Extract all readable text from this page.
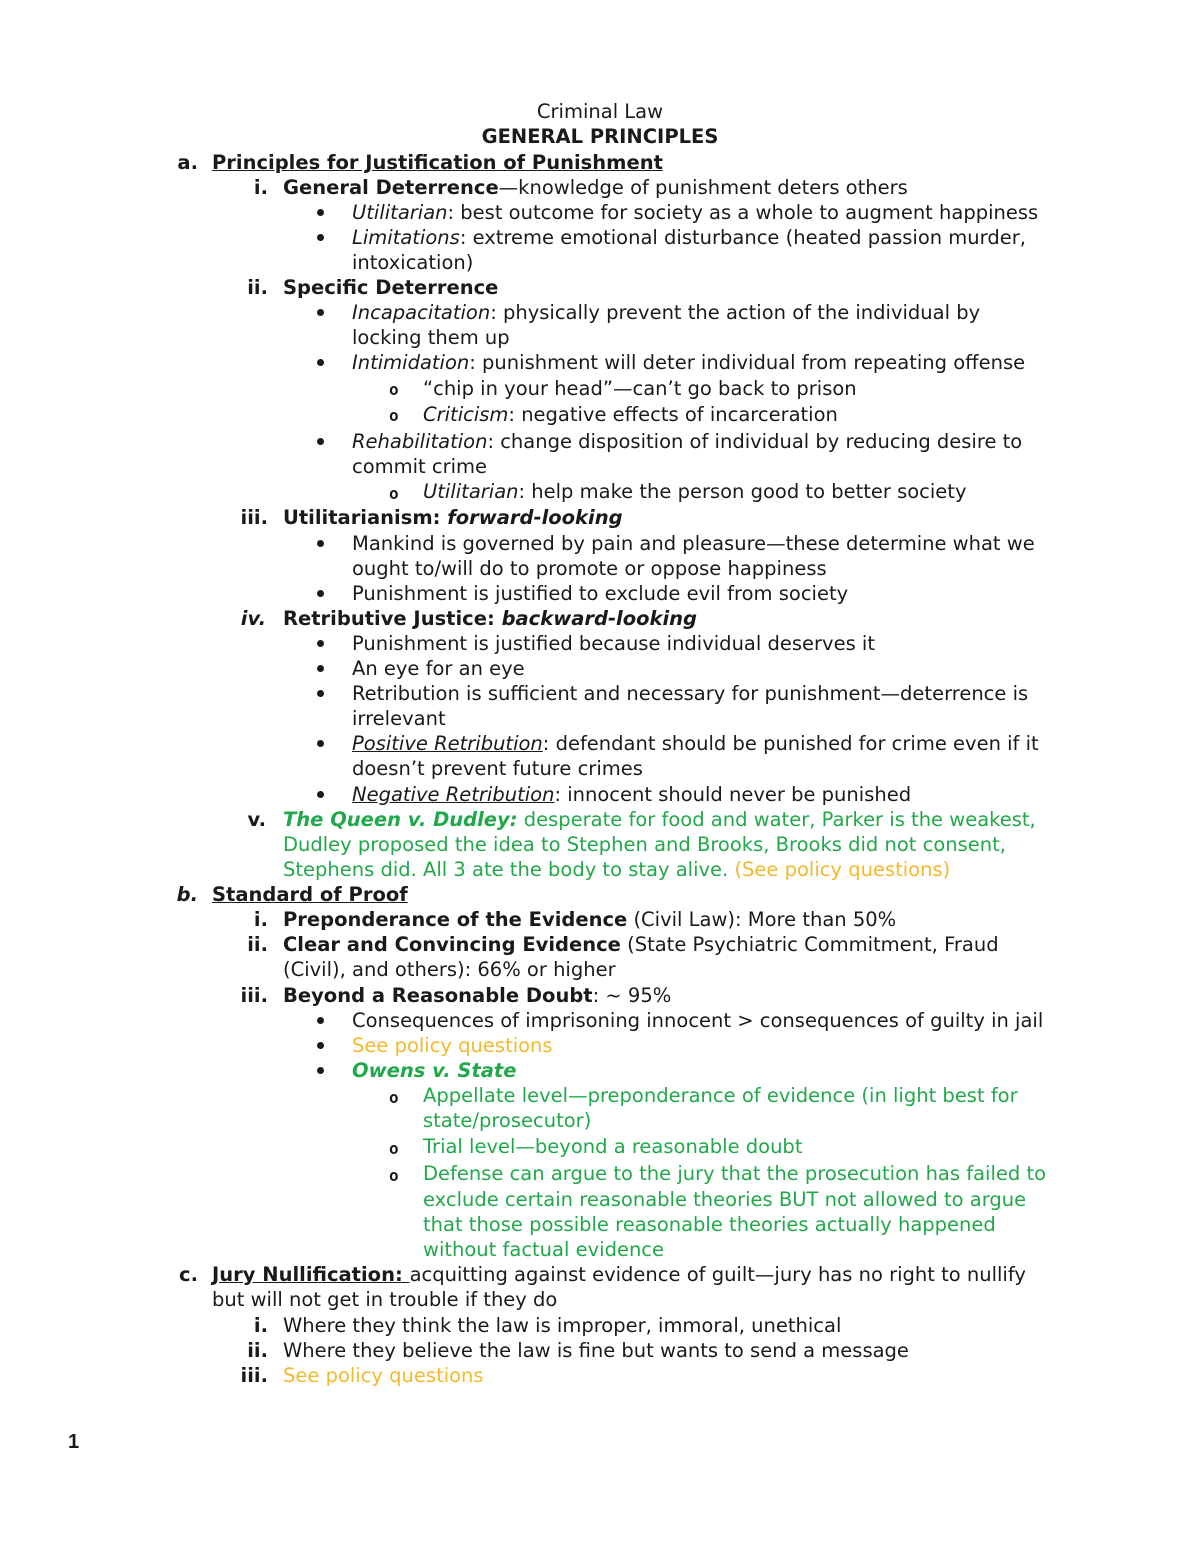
Criminal Law
GENERAL PRINCIPLES
a. Principles for Justification of Punishment
i. General Deterrence—knowledge of punishment deters others
Utilitarian: best outcome for society as a whole to augment happiness
Limitations: extreme emotional disturbance (heated passion murder,
intoxication)
ii. Specific Deterrence
Incapacitation: physically prevent the action of the individual by
locking them up
Intimidation: punishment will deter individual from repeating offense
o “chip in your head”—can’t go back to prison
o Criticism: negative effects of incarceration
Rehabilitation: change disposition of individual by reducing desire to
commit crime
o Utilitarian: help make the person good to better society
iii. Utilitarianism: forward-looking
Mankind is governed by pain and pleasure—these determine what we
ought to/will do to promote or oppose happiness
Punishment is justified to exclude evil from society
iv. Retributive Justice: backward-looking
Punishment is justified because individual deserves it
An eye for an eye
Retribution is sufficient and necessary for punishment—deterrence is
irrelevant
Positive Retribution: defendant should be punished for crime even if it
doesn’t prevent future crimes
Negative Retribution: innocent should never be punished
v. The Queen v. Dudley: desperate for food and water, Parker is the weakest,
Dudley proposed the idea to Stephen and Brooks, Brooks did not consent,
Stephens did. All 3 ate the body to stay alive. (See policy questions)
b. Standard of Proof
i. Preponderance of the Evidence (Civil Law): More than 50%
ii. Clear and Convincing Evidence (State Psychiatric Commitment, Fraud
(Civil), and others): 66% or higher
iii. Beyond a Reasonable Doubt: ~ 95%
Consequences of imprisoning innocent > consequences of guilty in jail
See policy questions
Owens v. State
o Appellate level—preponderance of evidence (in light best for
state/prosecutor)
o Trial level—beyond a reasonable doubt
o Defense can argue to the jury that the prosecution has failed to
exclude certain reasonable theories BUT not allowed to argue
that those possible reasonable theories actually happened
without factual evidence
c. Jury Nullification: acquitting against evidence of guilt—jury has no right to nullify
but will not get in trouble if they do
i. Where they think the law is improper, immoral, unethical
ii. Where they believe the law is fine but wants to send a message
iii. See policy questions
1
